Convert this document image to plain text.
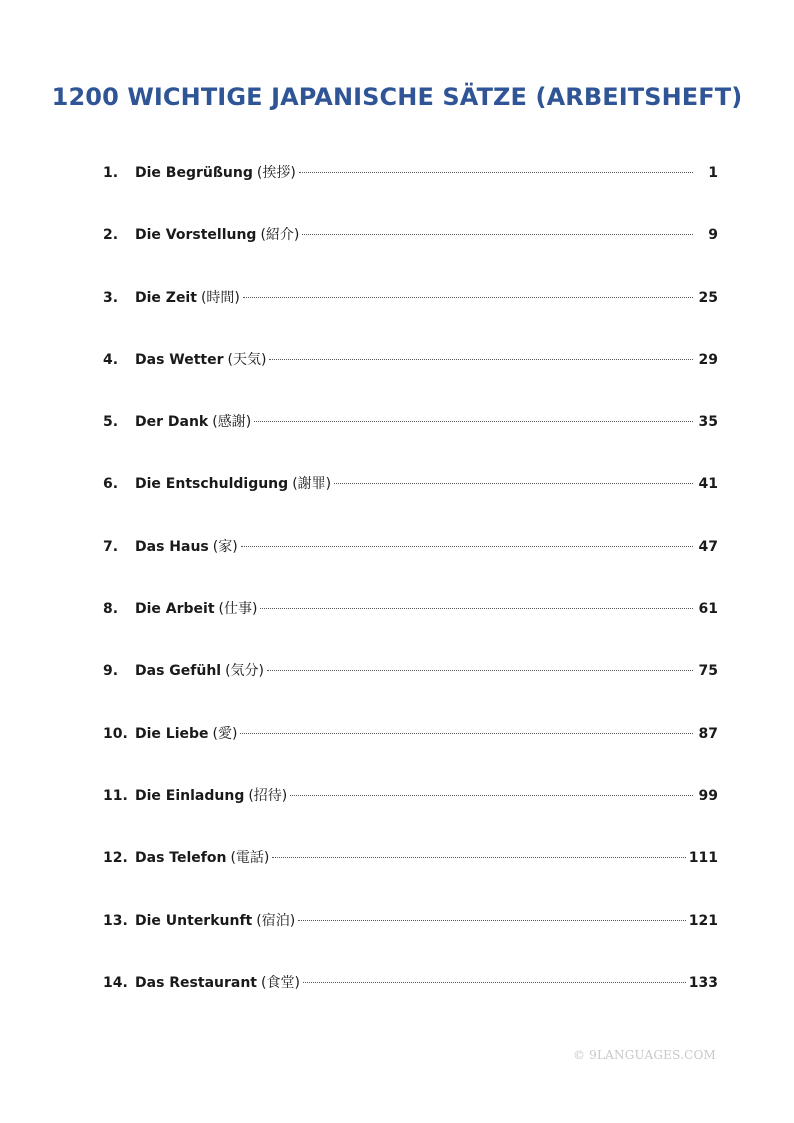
1200 WICHTIGE JAPANISCHE SÄTZE (ARBEITSHEFT)
1.	Die Begrüßung (挨拶)	1
2.	Die Vorstellung (紹介)	9
3.	Die Zeit (時間)	25
4.	Das Wetter (天気)	29
5.	Der Dank (感謝)	35
6.	Die Entschuldigung (謝罪)	41
7.	Das Haus (家)	47
8.	Die Arbeit (仕事)	61
9.	Das Gefühl (気分)	75
10. Die Liebe (愛)	87
11. Die Einladung (招待)	99
12. Das Telefon (電話)	111
13. Die Unterkunft (宿泊)	121
14. Das Restaurant (食堂)	133
© 9LANGUAGES.COM
